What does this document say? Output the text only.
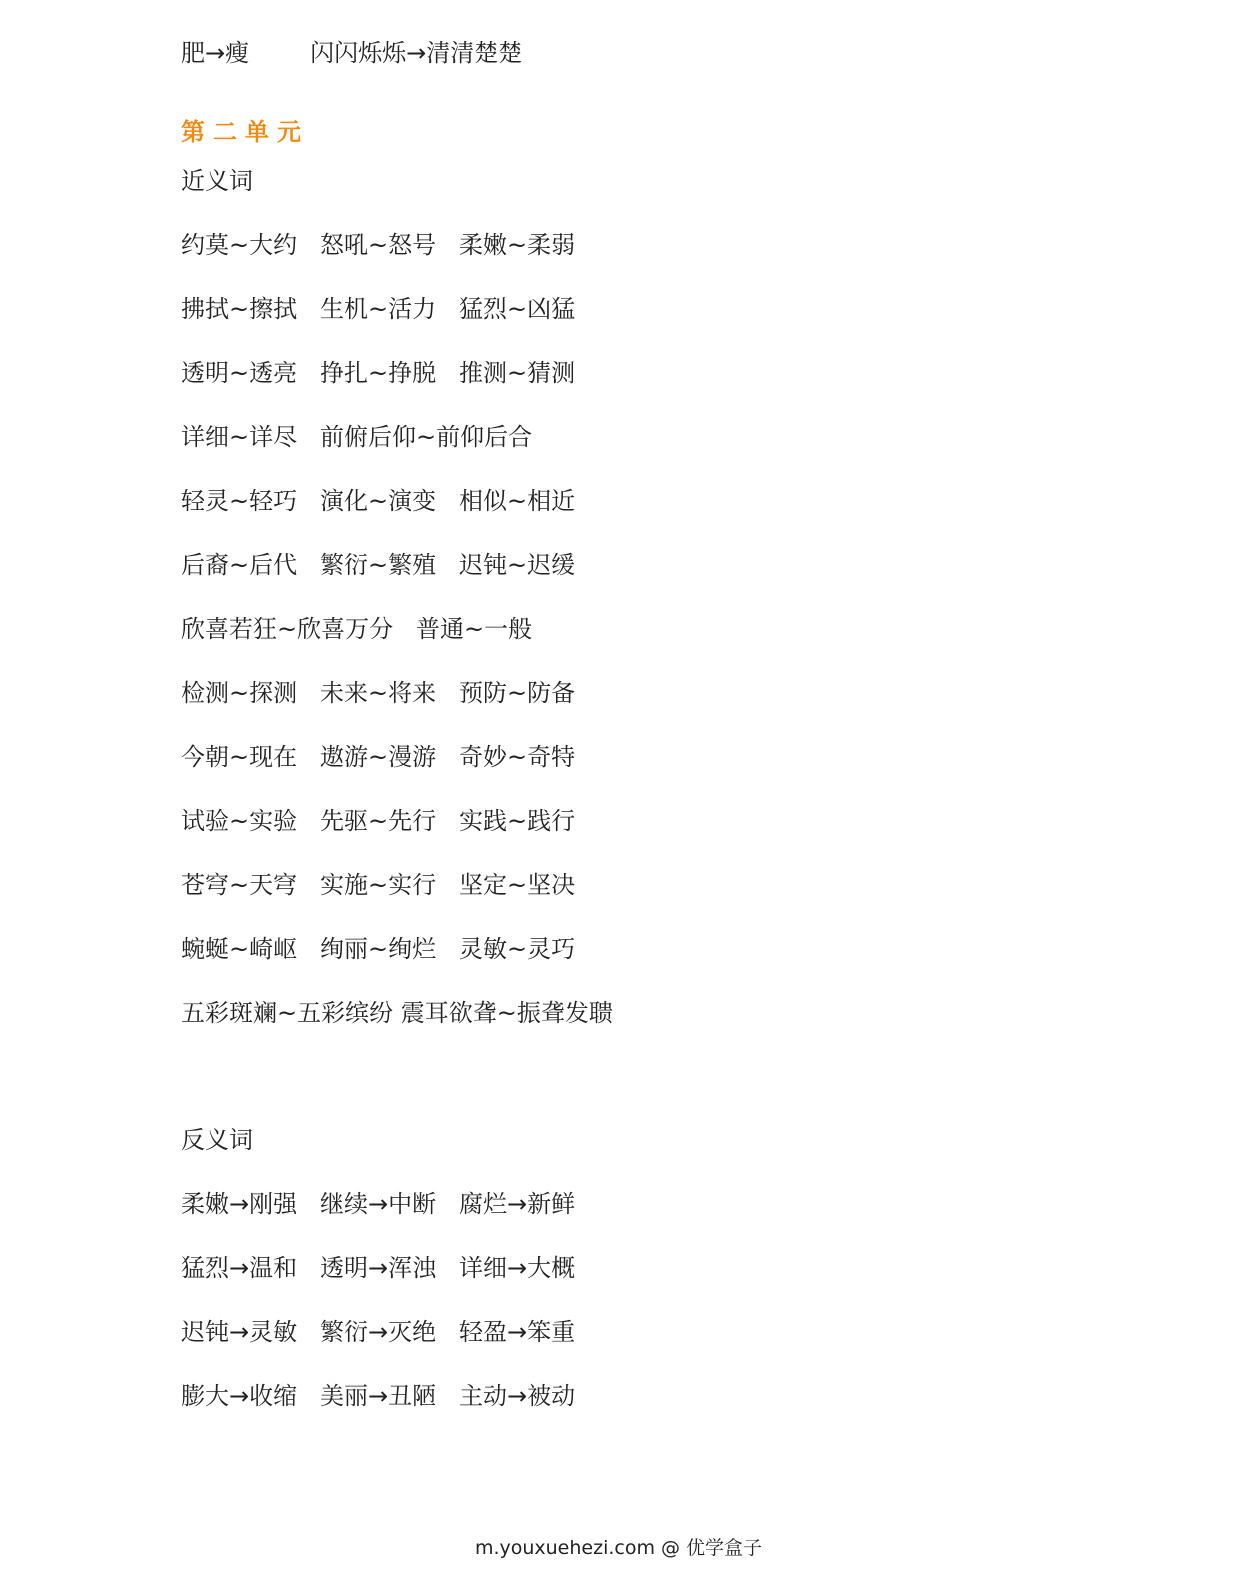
肥→瘦        闪闪烁烁→清清楚楚
第二单元
近义词
约莫~大约   怒吼~怒号   柔嫩~柔弱
拂拭~擦拭   生机~活力   猛烈~凶猛
透明~透亮   挣扎~挣脱   推测~猜测
详细~详尽   前俯后仰~前仰后合
轻灵~轻巧   演化~演变   相似~相近
后裔~后代   繁衍~繁殖   迟钝~迟缓
欣喜若狂~欣喜万分   普通~一般
检测~探测   未来~将来   预防~防备
今朝~现在   遨游~漫游   奇妙~奇特
试验~实验   先驱~先行   实践~践行
苍穹~天穹   实施~实行   坚定~坚决
蜿蜒~崎岖   绚丽~绚烂   灵敏~灵巧
五彩斑斓~五彩缤纷 震耳欲聋~振聋发聩
反义词
柔嫩→刚强   继续→中断   腐烂→新鲜
猛烈→温和   透明→浑浊   详细→大概
迟钝→灵敏   繁衍→灭绝   轻盈→笨重
膨大→收缩   美丽→丑陋   主动→被动
m.youxuehezi.com @ 优学盒子
